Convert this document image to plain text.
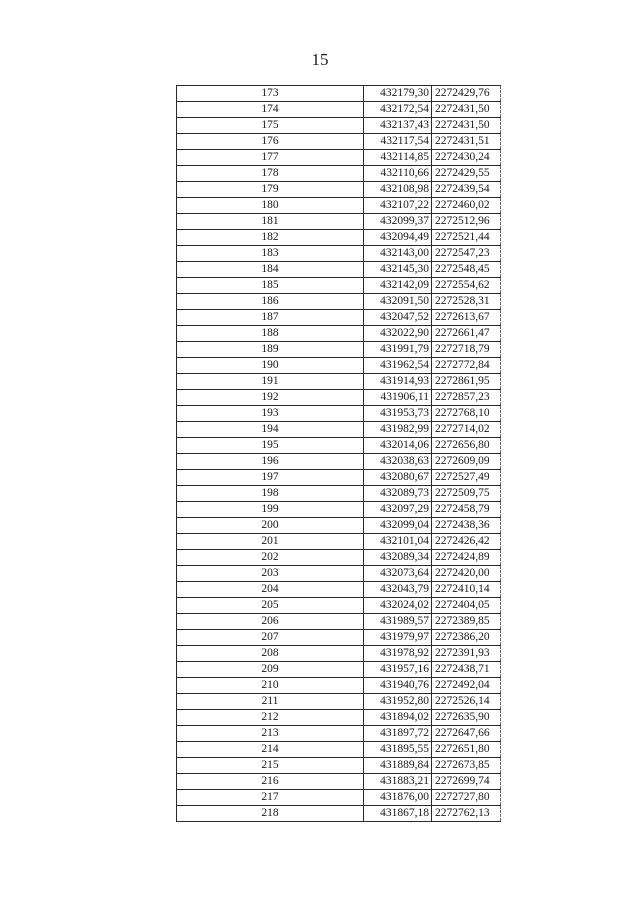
15
173	432179,30	2272429,76
174	432172,54	2272431,50
175	432137,43	2272431,50
176	432117,54	2272431,51
177	432114,85	2272430,24
178	432110,66	2272429,55
179	432108,98	2272439,54
180	432107,22	2272460,02
181	432099,37	2272512,96
182	432094,49	2272521,44
183	432143,00	2272547,23
184	432145,30	2272548,45
185	432142,09	2272554,62
186	432091,50	2272528,31
187	432047,52	2272613,67
188	432022,90	2272661,47
189	431991,79	2272718,79
190	431962,54	2272772,84
191	431914,93	2272861,95
192	431906,11	2272857,23
193	431953,73	2272768,10
194	431982,99	2272714,02
195	432014,06	2272656,80
196	432038,63	2272609,09
197	432080,67	2272527,49
198	432089,73	2272509,75
199	432097,29	2272458,79
200	432099,04	2272438,36
201	432101,04	2272426,42
202	432089,34	2272424,89
203	432073,64	2272420,00
204	432043,79	2272410,14
205	432024,02	2272404,05
206	431989,57	2272389,85
207	431979,97	2272386,20
208	431978,92	2272391,93
209	431957,16	2272438,71
210	431940,76	2272492,04
211	431952,80	2272526,14
212	431894,02	2272635,90
213	431897,72	2272647,66
214	431895,55	2272651,80
215	431889,84	2272673,85
216	431883,21	2272699,74
217	431876,00	2272727,80
218	431867,18	2272762,13
